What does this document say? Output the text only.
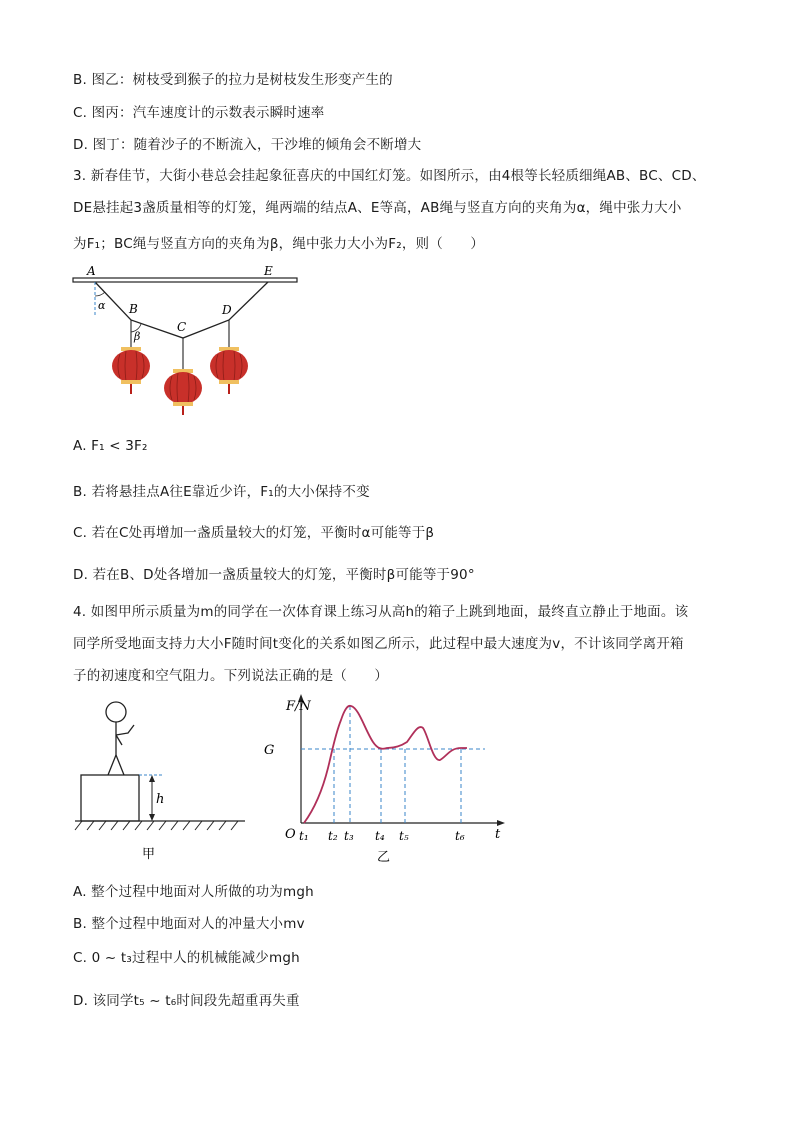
B. 图乙：树枝受到猴子的拉力是树枝发生形变产生的
C. 图丙：汽车速度计的示数表示瞬时速率
D. 图丁：随着沙子的不断流入，干沙堆的倾角会不断增大
3. 新春佳节，大街小巷总会挂起象征喜庆的中国红灯笼。如图所示，由4根等长轻质细绳AB、BC、CD、
DE悬挂起3盏质量相等的灯笼，绳两端的结点A、E等高，AB绳与竖直方向的夹角为α，绳中张力大小
为F₁；BC绳与竖直方向的夹角为β，绳中张力大小为F₂，则（　　）
A	E
B
C
D
α
β
A. F₁ < 3F₂
B. 若将悬挂点A往E靠近少许，F₁的大小保持不变
C. 若在C处再增加一盏质量较大的灯笼，平衡时α可能等于β
D. 若在B、D处各增加一盏质量较大的灯笼，平衡时β可能等于90°
4. 如图甲所示质量为m的同学在一次体育课上练习从高h的箱子上跳到地面，最终直立静止于地面。该
同学所受地面支持力大小F随时间t变化的关系如图乙所示，此过程中最大速度为v，不计该同学离开箱
子的初速度和空气阻力。下列说法正确的是（　　）
h
甲
F/N
t
O
G
t₁ t₂ t₃ t₄ t₅	t₆
乙
A. 整个过程中地面对人所做的功为mgh
B. 整个过程中地面对人的冲量大小mv
C. 0 ~ t₃过程中人的机械能减少mgh
D. 该同学t₅ ~ t₆时间段先超重再失重
